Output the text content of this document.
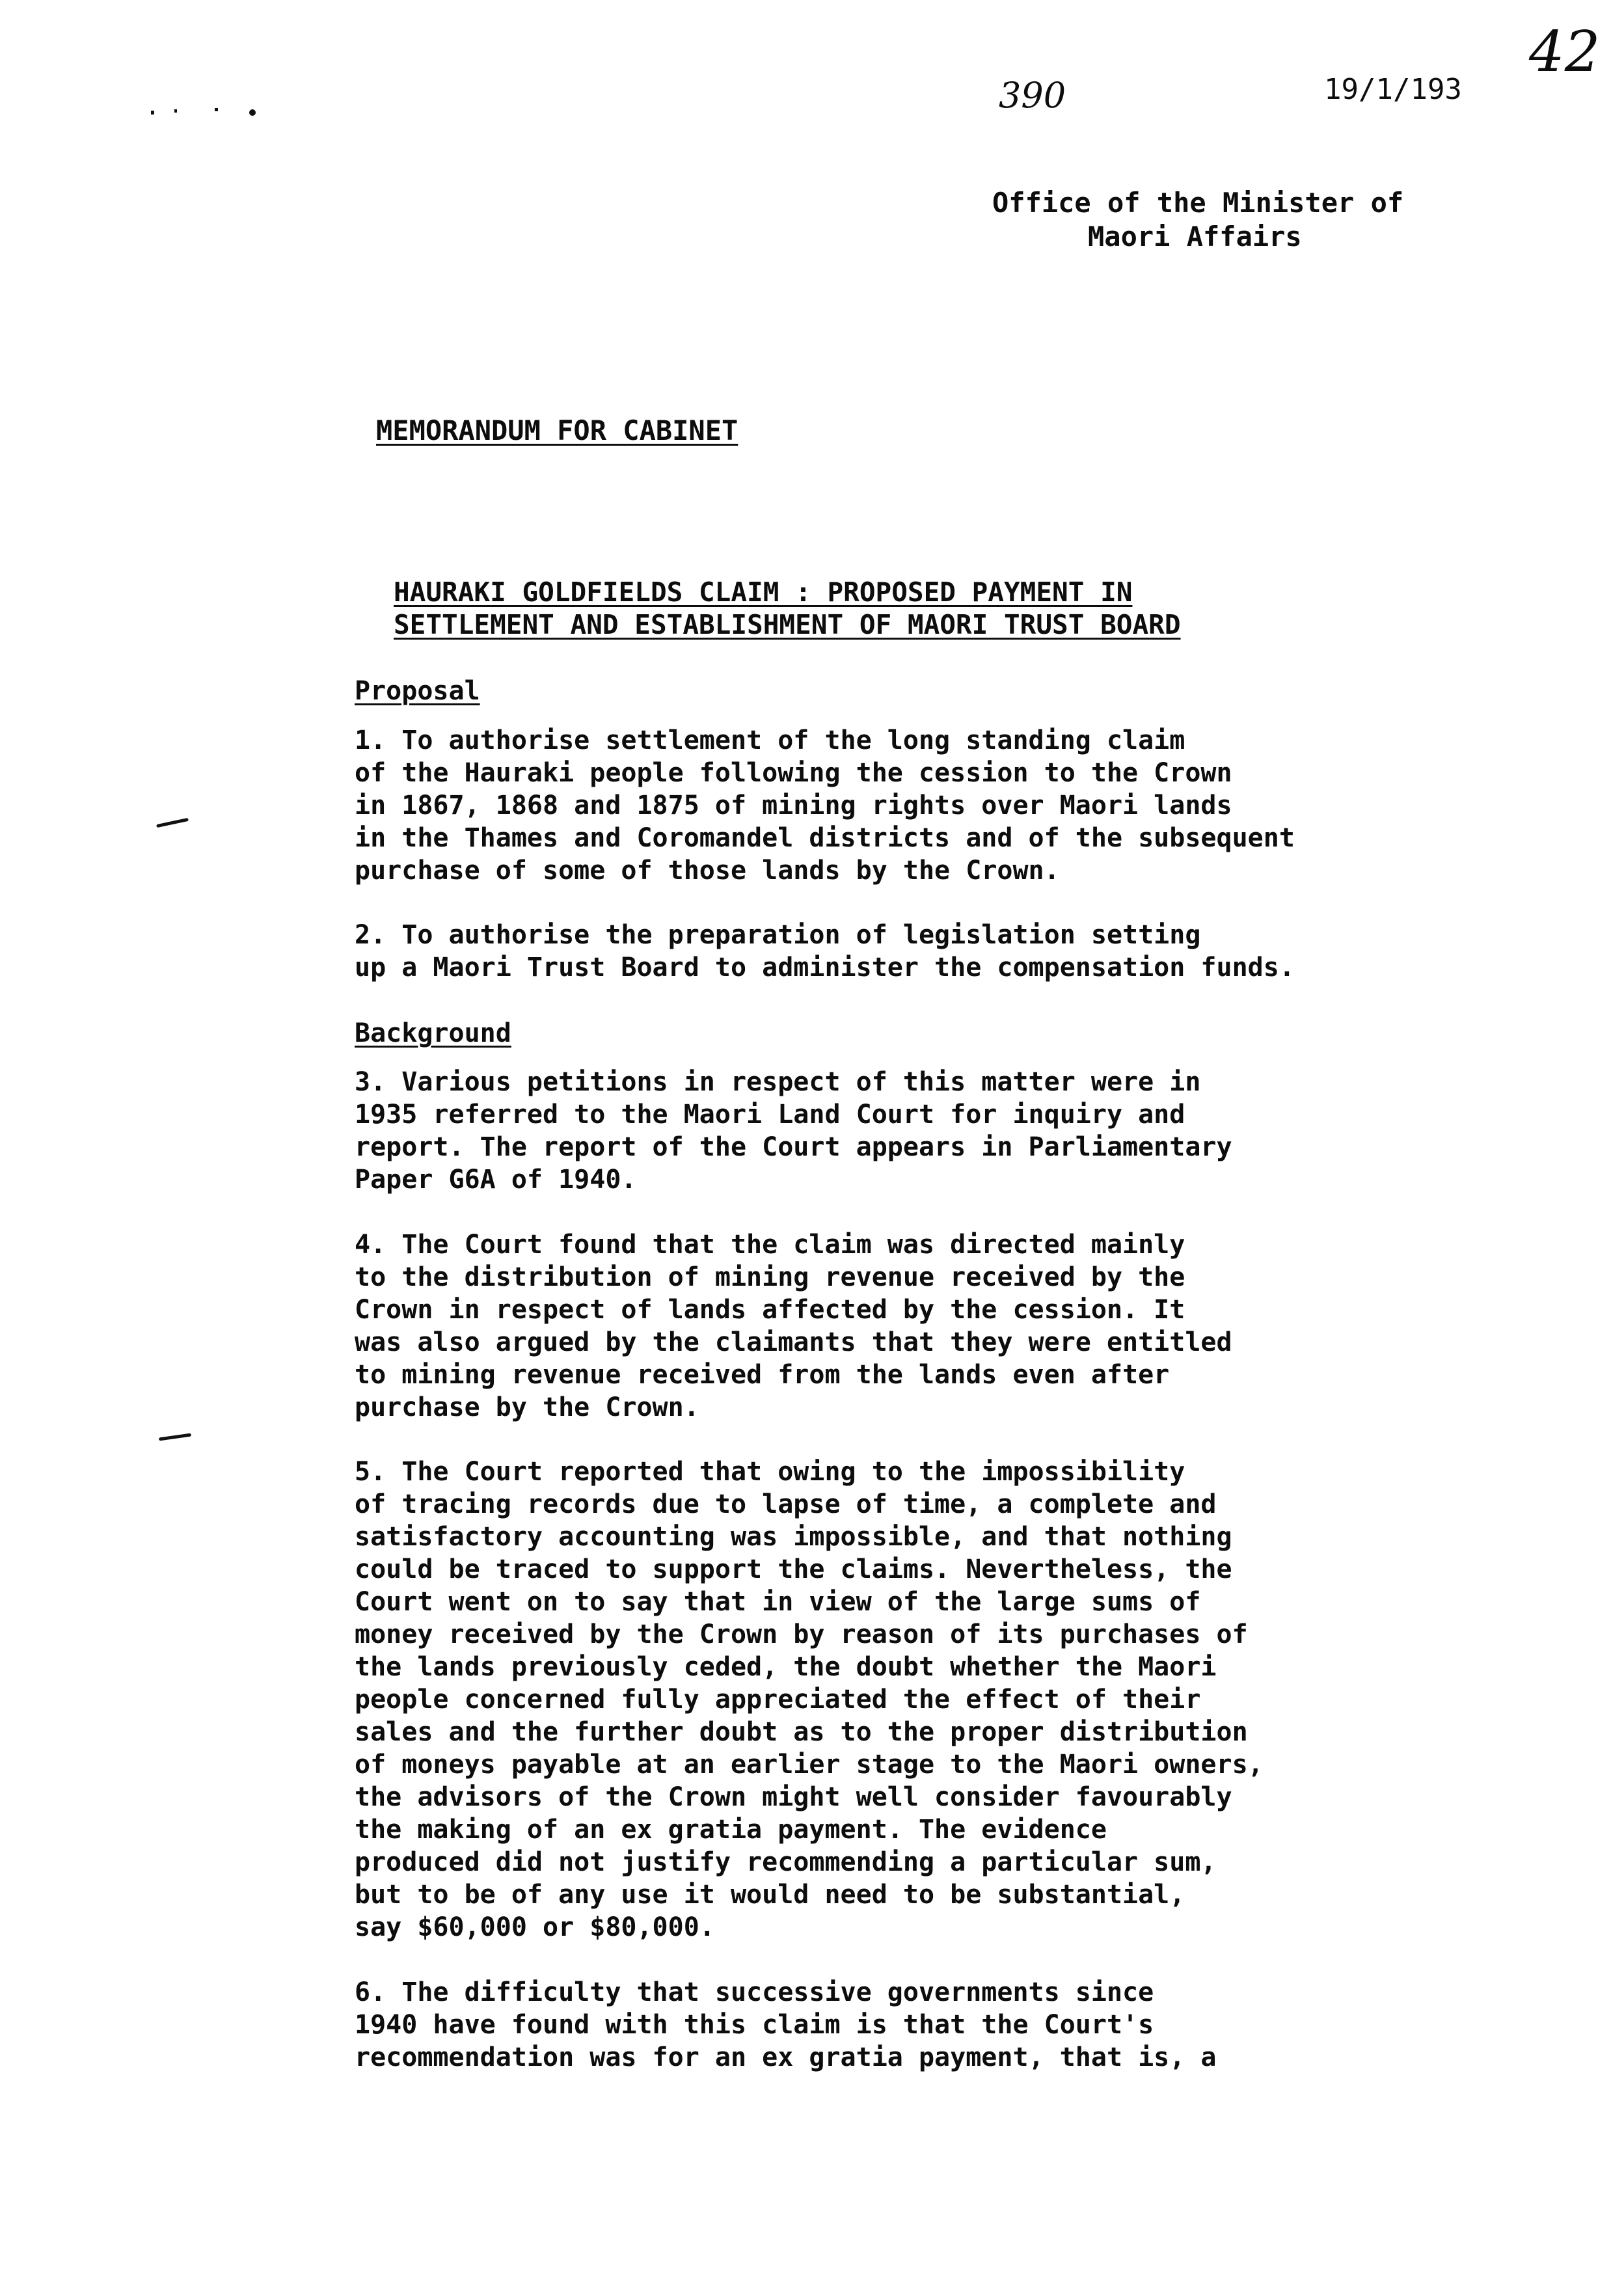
42
390	19/1/193
Office of the Minister of
Maori Affairs
MEMORANDUM FOR CABINET
HAURAKI GOLDFIELDS CLAIM : PROPOSED PAYMENT IN
SETTLEMENT AND ESTABLISHMENT OF MAORI TRUST BOARD
Proposal

1. To authorise settlement of the long standing claim
of the Hauraki people following the cession to the Crown
in 1867, 1868 and 1875 of mining rights over Maori lands
in the Thames and Coromandel districts and of the subsequent
purchase of some of those lands by the Crown.

2. To authorise the preparation of legislation setting
up a Maori Trust Board to administer the compensation funds.

Background

3. Various petitions in respect of this matter were in
1935 referred to the Maori Land Court for inquiry and
report. The report of the Court appears in Parliamentary
Paper G6A of 1940.

4. The Court found that the claim was directed mainly
to the distribution of mining revenue received by the
Crown in respect of lands affected by the cession. It
was also argued by the claimants that they were entitled
to mining revenue received from the lands even after
purchase by the Crown.

5. The Court reported that owing to the impossibility
of tracing records due to lapse of time, a complete and
satisfactory accounting was impossible, and that nothing
could be traced to support the claims. Nevertheless, the
Court went on to say that in view of the large sums of
money received by the Crown by reason of its purchases of
the lands previously ceded, the doubt whether the Maori
people concerned fully appreciated the effect of their
sales and the further doubt as to the proper distribution
of moneys payable at an earlier stage to the Maori owners,
the advisors of the Crown might well consider favourably
the making of an ex gratia payment. The evidence
produced did not justify recommending a particular sum,
but to be of any use it would need to be substantial,
say $60,000 or $80,000.

6. The difficulty that successive governments since
1940 have found with this claim is that the Court's
recommendation was for an ex gratia payment, that is, a
